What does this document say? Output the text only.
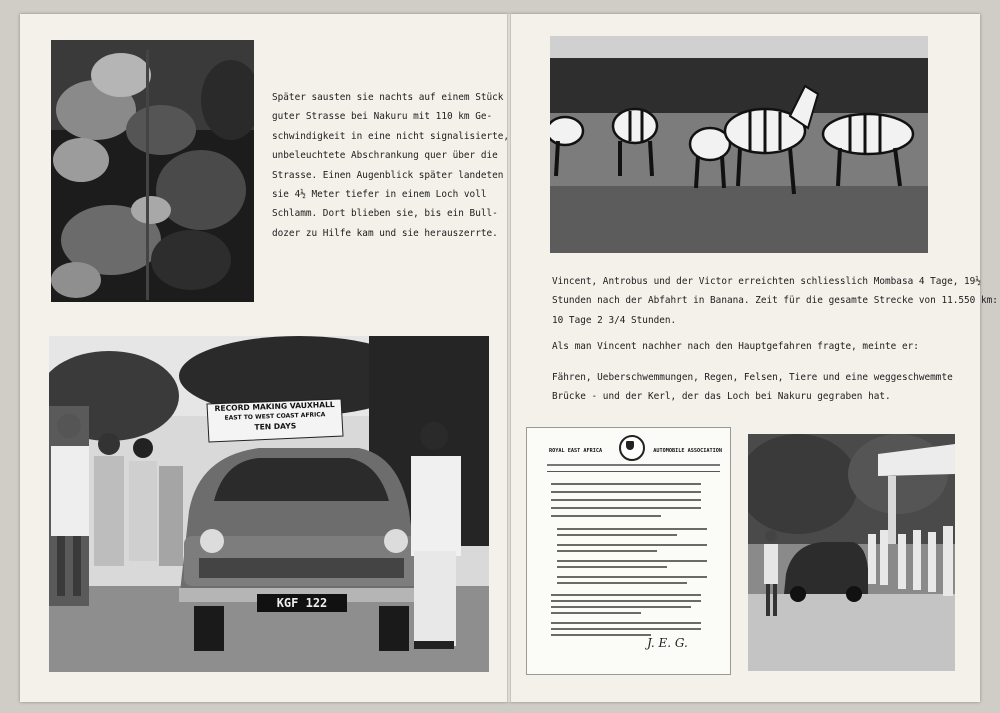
Später sausten sie nachts auf einem Stück

guter Strasse bei Nakuru mit 110 km Ge-

schwindigkeit in eine nicht signalisierte,

unbeleuchtete Abschrankung quer über die

Strasse. Einen Augenblick später landeten

sie 4½ Meter tiefer in einem Loch voll

Schlamm. Dort blieben sie, bis ein Bull-

dozer zu Hilfe kam und sie herauszerrte.

RECORD MAKING VAUXHALL
EAST TO WEST COAST AFRICA
TEN DAYS
KGF 122

Vincent, Antrobus und der Victor erreichten schliesslich Mombasa 4 Tage, 19½

Stunden nach der Abfahrt in Banana. Zeit für die gesamte Strecke von 11.550 km:

10 Tage 2 3/4 Stunden.

Als man Vincent nachher nach den Hauptgefahren fragte, meinte er:

Fähren, Ueberschwemmungen, Regen, Felsen, Tiere und eine weggeschwemmte

Brücke - und der Kerl, der das Loch bei Nakuru gegraben hat.

ROYAL EAST AFRICA	AUTOMOBILE ASSOCIATION
J. E. G.
